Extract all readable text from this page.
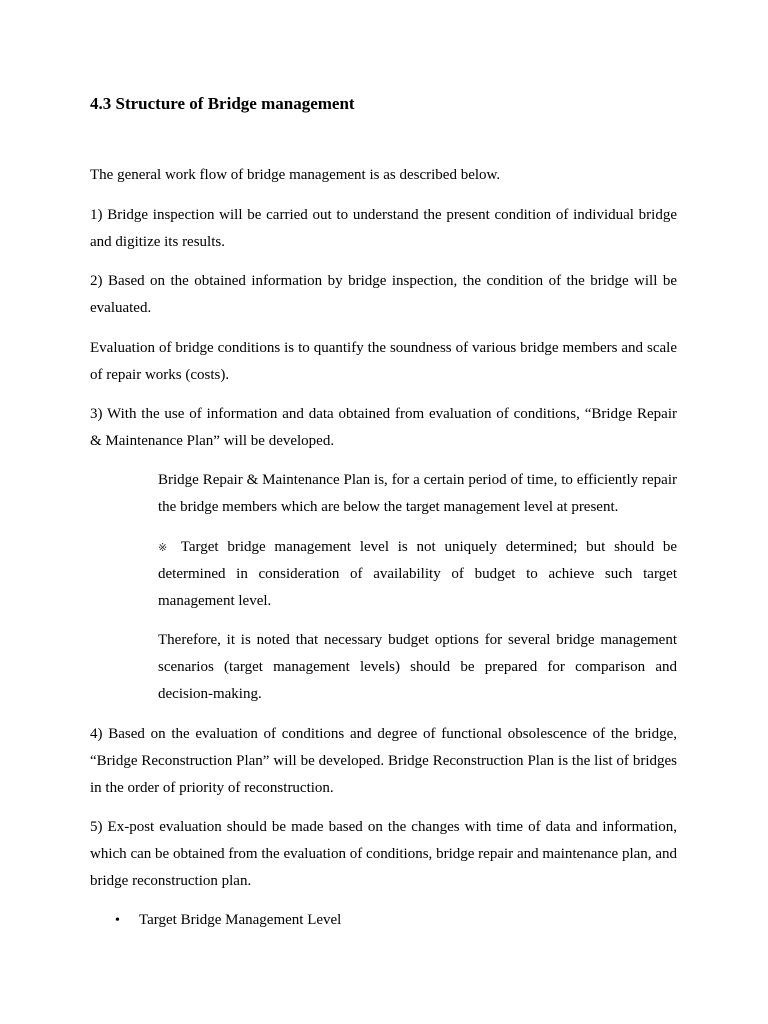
4.3 Structure of Bridge management

The general work flow of bridge management is as described below.

1) Bridge inspection will be carried out to understand the present condition of individual bridge and digitize its results.

2) Based on the obtained information by bridge inspection, the condition of the bridge will be evaluated.

Evaluation of bridge conditions is to quantify the soundness of various bridge members and scale of repair works (costs).

3) With the use of information and data obtained from evaluation of conditions, “Bridge Repair & Maintenance Plan” will be developed.

Bridge Repair & Maintenance Plan is, for a certain period of time, to efficiently repair the bridge members which are below the target management level at present.

※ Target bridge management level is not uniquely determined; but should be determined in consideration of availability of budget to achieve such target management level.

Therefore, it is noted that necessary budget options for several bridge management scenarios (target management levels) should be prepared for comparison and decision-making.

4) Based on the evaluation of conditions and degree of functional obsolescence of the bridge, “Bridge Reconstruction Plan” will be developed. Bridge Reconstruction Plan is the list of bridges in the order of priority of reconstruction.

5) Ex-post evaluation should be made based on the changes with time of data and information, which can be obtained from the evaluation of conditions, bridge repair and maintenance plan, and bridge reconstruction plan.

• Target Bridge Management Level
